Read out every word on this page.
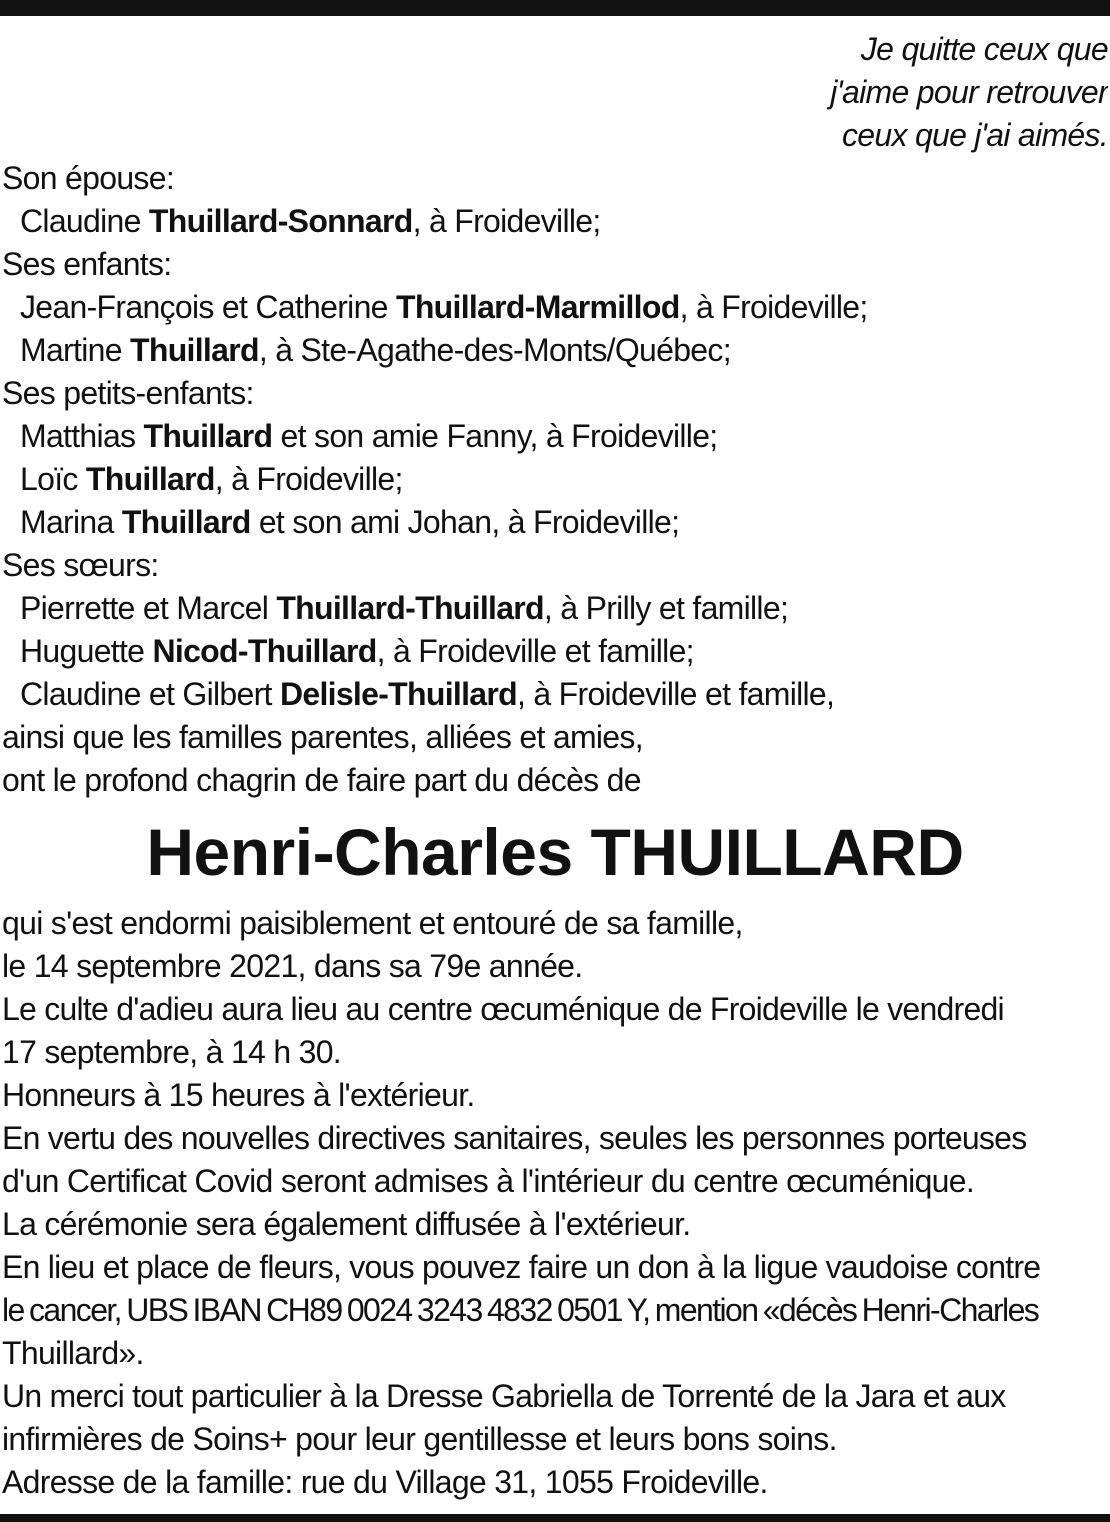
Je quitte ceux que
j'aime pour retrouver
ceux que j'ai aimés.
Son épouse:
Claudine Thuillard-Sonnard, à Froideville;
Ses enfants:
Jean-François et Catherine Thuillard-Marmillod, à Froideville;
Martine Thuillard, à Ste-Agathe-des-Monts/Québec;
Ses petits-enfants:
Matthias Thuillard et son amie Fanny, à Froideville;
Loïc Thuillard, à Froideville;
Marina Thuillard et son ami Johan, à Froideville;
Ses sœurs:
Pierrette et Marcel Thuillard-Thuillard, à Prilly et famille;
Huguette Nicod-Thuillard, à Froideville et famille;
Claudine et Gilbert Delisle-Thuillard, à Froideville et famille,
ainsi que les familles parentes, alliées et amies,
ont le profond chagrin de faire part du décès de
Henri-Charles THUILLARD
qui s'est endormi paisiblement et entouré de sa famille,
le 14 septembre 2021, dans sa 79e année.
Le culte d'adieu aura lieu au centre œcuménique de Froideville le vendredi
17 septembre, à 14 h 30.
Honneurs à 15 heures à l'extérieur.
En vertu des nouvelles directives sanitaires, seules les personnes porteuses
d'un Certificat Covid seront admises à l'intérieur du centre œcuménique.
La cérémonie sera également diffusée à l'extérieur.
En lieu et place de fleurs, vous pouvez faire un don à la ligue vaudoise contre
le cancer, UBS IBAN CH89 0024 3243 4832 0501 Y, mention «décès Henri-Charles
Thuillard».
Un merci tout particulier à la Dresse Gabriella de Torrenté de la Jara et aux
infirmières de Soins+ pour leur gentillesse et leurs bons soins.
Adresse de la famille: rue du Village 31, 1055 Froideville.
